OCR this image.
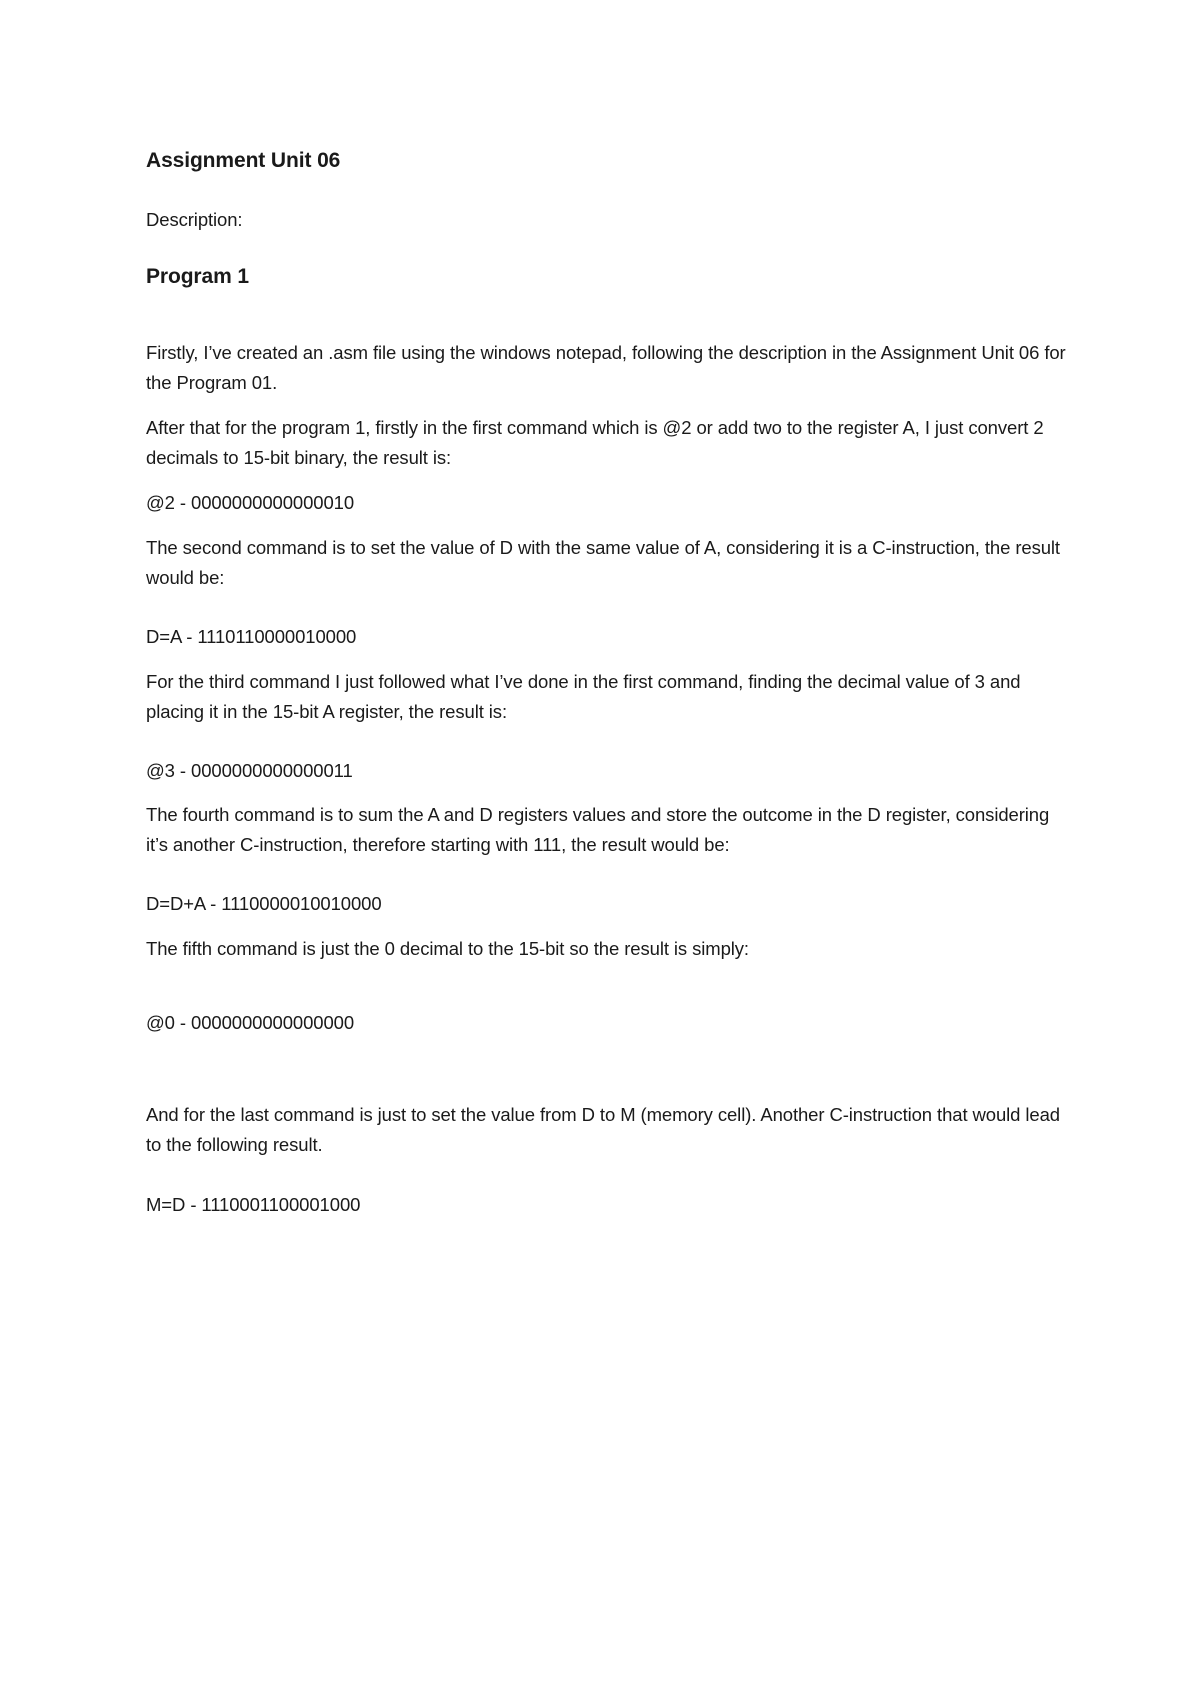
Assignment Unit 06

Description:

Program 1

Firstly, I’ve created an .asm file using the windows notepad, following the description in the Assignment Unit 06 for the Program 01.

After that for the program 1, firstly in the first command which is @2 or add two to the register A, I just convert 2 decimals to 15-bit binary, the result is:

@2 - 0000000000000010

The second command is to set the value of D with the same value of A, considering it is a C-instruction, the result would be:

D=A - 1110110000010000

For the third command I just followed what I’ve done in the first command, finding the decimal value of 3 and placing it in the 15-bit A register, the result is:

@3 - 0000000000000011

The fourth command is to sum the A and D registers values and store the outcome in the D register, considering it’s another C-instruction, therefore starting with 111, the result would be:

D=D+A - 1110000010010000

The fifth command is just the 0 decimal to the 15-bit so the result is simply:

@0 - 0000000000000000

And for the last command is just to set the value from D to M (memory cell). Another C-instruction that would lead to the following result.

M=D - 1110001100001000
